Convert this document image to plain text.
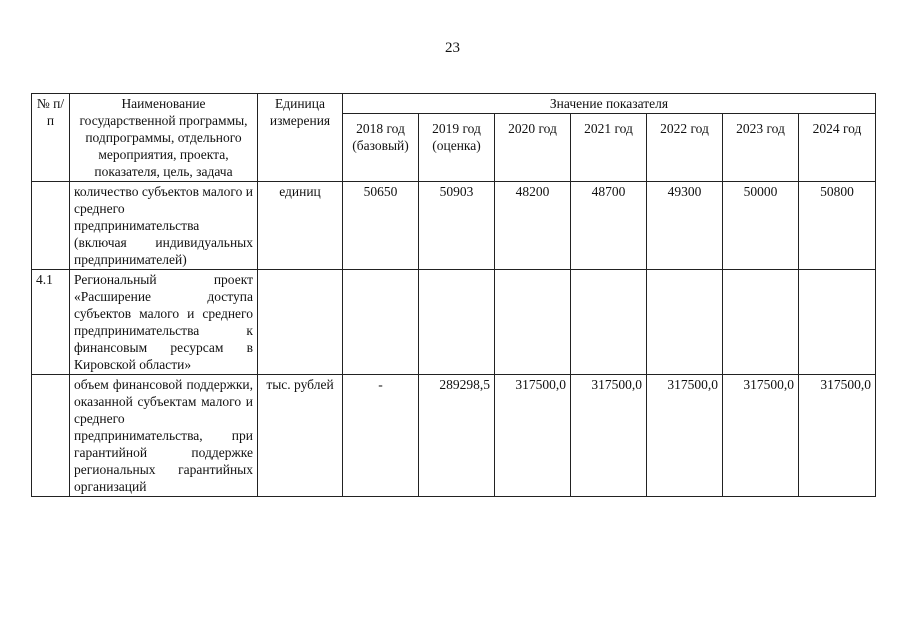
23
№ п/п	Наименование государственной программы, подпрограммы, отдельного мероприятия, проекта, показателя, цель, задача	Единица измерения	Значение показателя						
			2018 год (базовый)	2019 год (оценка)	2020 год	2021 год	2022 год	2023 год	2024 год
	количество субъектов малого и среднего предпринимательства (включая индивидуальных предпринимателей)	единиц	50650	50903	48200	48700	49300	50000	50800
4.1	Региональный проект «Расширение доступа субъектов малого и среднего предпринимательства к финансовым ресурсам в Кировской области»								
	объем финансовой поддержки, оказанной субъектам малого и среднего предпринимательства, при гарантийной поддержке региональных гарантийных организаций	тыс. рублей	-	289298,5	317500,0	317500,0	317500,0	317500,0	317500,0
